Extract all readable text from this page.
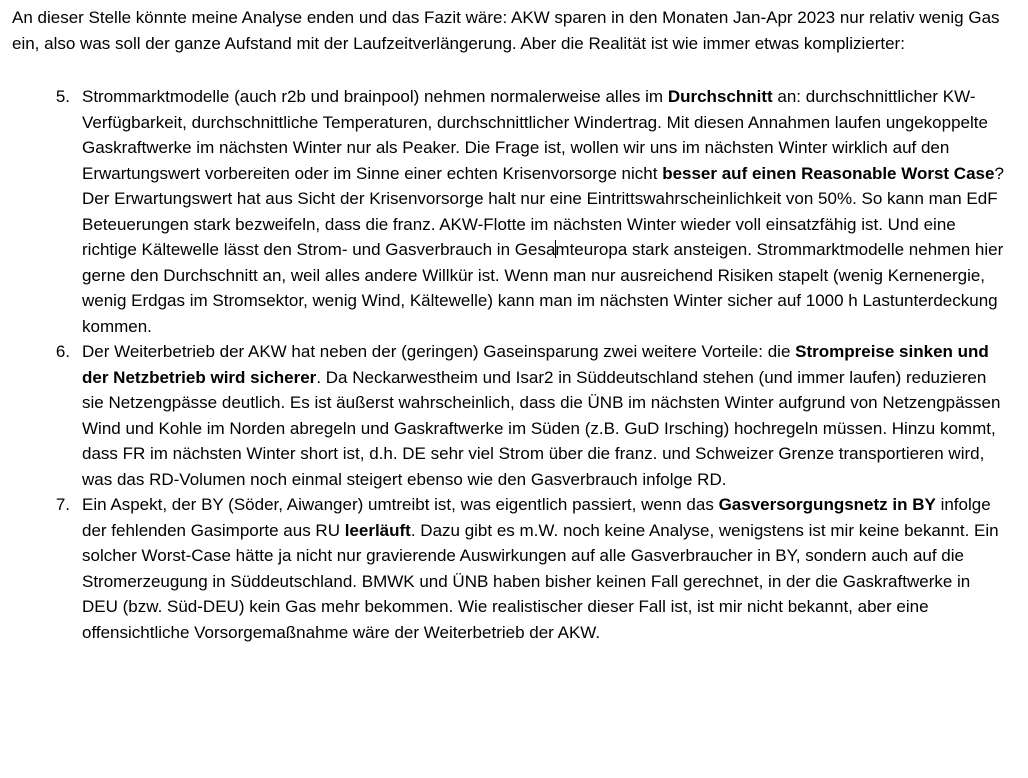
An dieser Stelle könnte meine Analyse enden und das Fazit wäre: AKW sparen in den Monaten Jan-Apr 2023 nur relativ wenig Gas ein, also was soll der ganze Aufstand mit der Laufzeitverlängerung. Aber die Realität ist wie immer etwas komplizierter:

5. Strommarktmodelle (auch r2b und brainpool) nehmen normalerweise alles im Durchschnitt an: durchschnittlicher KW-Verfügbarkeit, durchschnittliche Temperaturen, durchschnittlicher Windertrag. Mit diesen Annahmen laufen ungekoppelte Gaskraftwerke im nächsten Winter nur als Peaker. Die Frage ist, wollen wir uns im nächsten Winter wirklich auf den Erwartungswert vorbereiten oder im Sinne einer echten Krisenvorsorge nicht besser auf einen Reasonable Worst Case? Der Erwartungswert hat aus Sicht der Krisenvorsorge halt nur eine Eintrittswahrscheinlichkeit von 50%. So kann man EdF Beteuerungen stark bezweifeln, dass die franz. AKW-Flotte im nächsten Winter wieder voll einsatzfähig ist. Und eine richtige Kältewelle lässt den Strom- und Gasverbrauch in Gesamteuropa stark ansteigen. Strommarktmodelle nehmen hier gerne den Durchschnitt an, weil alles andere Willkür ist. Wenn man nur ausreichend Risiken stapelt (wenig Kernenergie, wenig Erdgas im Stromsektor, wenig Wind, Kältewelle) kann man im nächsten Winter sicher auf 1000 h Lastunterdeckung kommen.
6. Der Weiterbetrieb der AKW hat neben der (geringen) Gaseinsparung zwei weitere Vorteile: die Strompreise sinken und der Netzbetrieb wird sicherer. Da Neckarwestheim und Isar2 in Süddeutschland stehen (und immer laufen) reduzieren sie Netzengpässe deutlich. Es ist äußerst wahrscheinlich, dass die ÜNB im nächsten Winter aufgrund von Netzengpässen Wind und Kohle im Norden abregeln und Gaskraftwerke im Süden (z.B. GuD Irsching) hochregeln müssen. Hinzu kommt, dass FR im nächsten Winter short ist, d.h. DE sehr viel Strom über die franz. und Schweizer Grenze transportieren wird, was das RD-Volumen noch einmal steigert ebenso wie den Gasverbrauch infolge RD.
7. Ein Aspekt, der BY (Söder, Aiwanger) umtreibt ist, was eigentlich passiert, wenn das Gasversorgungsnetz in BY infolge der fehlenden Gasimporte aus RU leerläuft. Dazu gibt es m.W. noch keine Analyse, wenigstens ist mir keine bekannt. Ein solcher Worst-Case hätte ja nicht nur gravierende Auswirkungen auf alle Gasverbraucher in BY, sondern auch auf die Stromerzeugung in Süddeutschland. BMWK und ÜNB haben bisher keinen Fall gerechnet, in der die Gaskraftwerke in DEU (bzw. Süd-DEU) kein Gas mehr bekommen. Wie realistischer dieser Fall ist, ist mir nicht bekannt, aber eine offensichtliche Vorsorgemaßnahme wäre der Weiterbetrieb der AKW.
